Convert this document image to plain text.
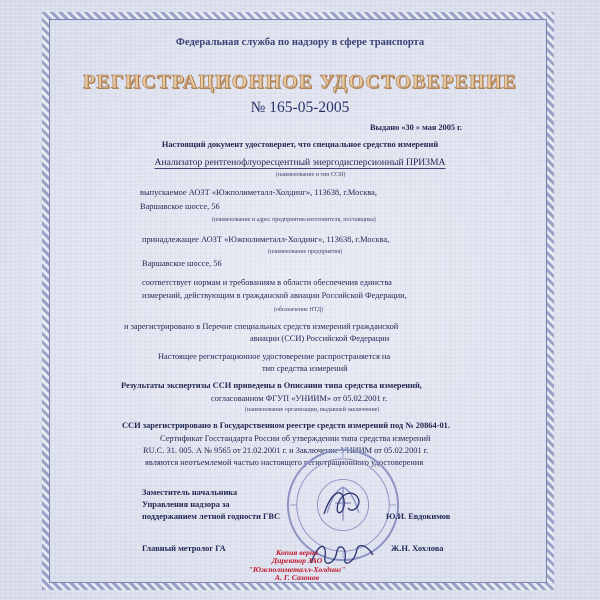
Федеральная служба по надзору в сфере транспорта
РЕГИСТРАЦИОННОЕ УДОСТОВЕРЕНИЕ
№ 165-05-2005
Выдано «30 » мая 2005 г.
Настоящий документ удостоверяет, что специальное средство измерений
Анализатор рентгенофлуоресцентный энергодисперсионный ПРИЗМА
(наименование и тип ССИ)
выпускаемое АОЗТ «Южполиметалл-Холдинг», 113638, г.Москва,
Варшавское шоссе, 56
(наименование и адрес предприятия-изготовителя, поставщика)
принадлежащее АОЗТ «Южполиметалл-Холдинг», 113638, г.Москва,
(наименование предприятия)
Варшавское шоссе, 56
соответствует нормам и требованиям в области обеспечения единства
измерений, действующим в гражданской авиации Российской Федерации,
(обозначение НТД)
и зарегистрировано в Перечне специальных средств измерений гражданской
авиации (ССИ) Российской Федерации
Настоящее регистрационное удостоверение распространяется на
тип средства измерений
Результаты экспертизы ССИ приведены в Описании типа средства измерений,
согласованном ФГУП «УНИИМ» от 05.02.2001 г.
(наименование организации, выдавшей заключение)
ССИ зарегистрировано в Государственном реестре средств измерений под № 20864-01.
Сертификат Госстандарта России об утверждении типа средства измерений
RU.С. 31. 005. А № 9565 от 21.02.2001 г. и Заключение УНИИМ от 05.02.2001 г.
являются неотъемлемой частью настоящего регистрационного удостоверения
Заместитель начальника
Управления надзора за
поддержанием летной годности ГВС	Ю.И. Евдокимов
Главный метролог ГА	Ж.Н. Хохлова
Копия верна
Директор ЗАО
"Южполиметалл-Холдинг"
А. Г. Сазонов
